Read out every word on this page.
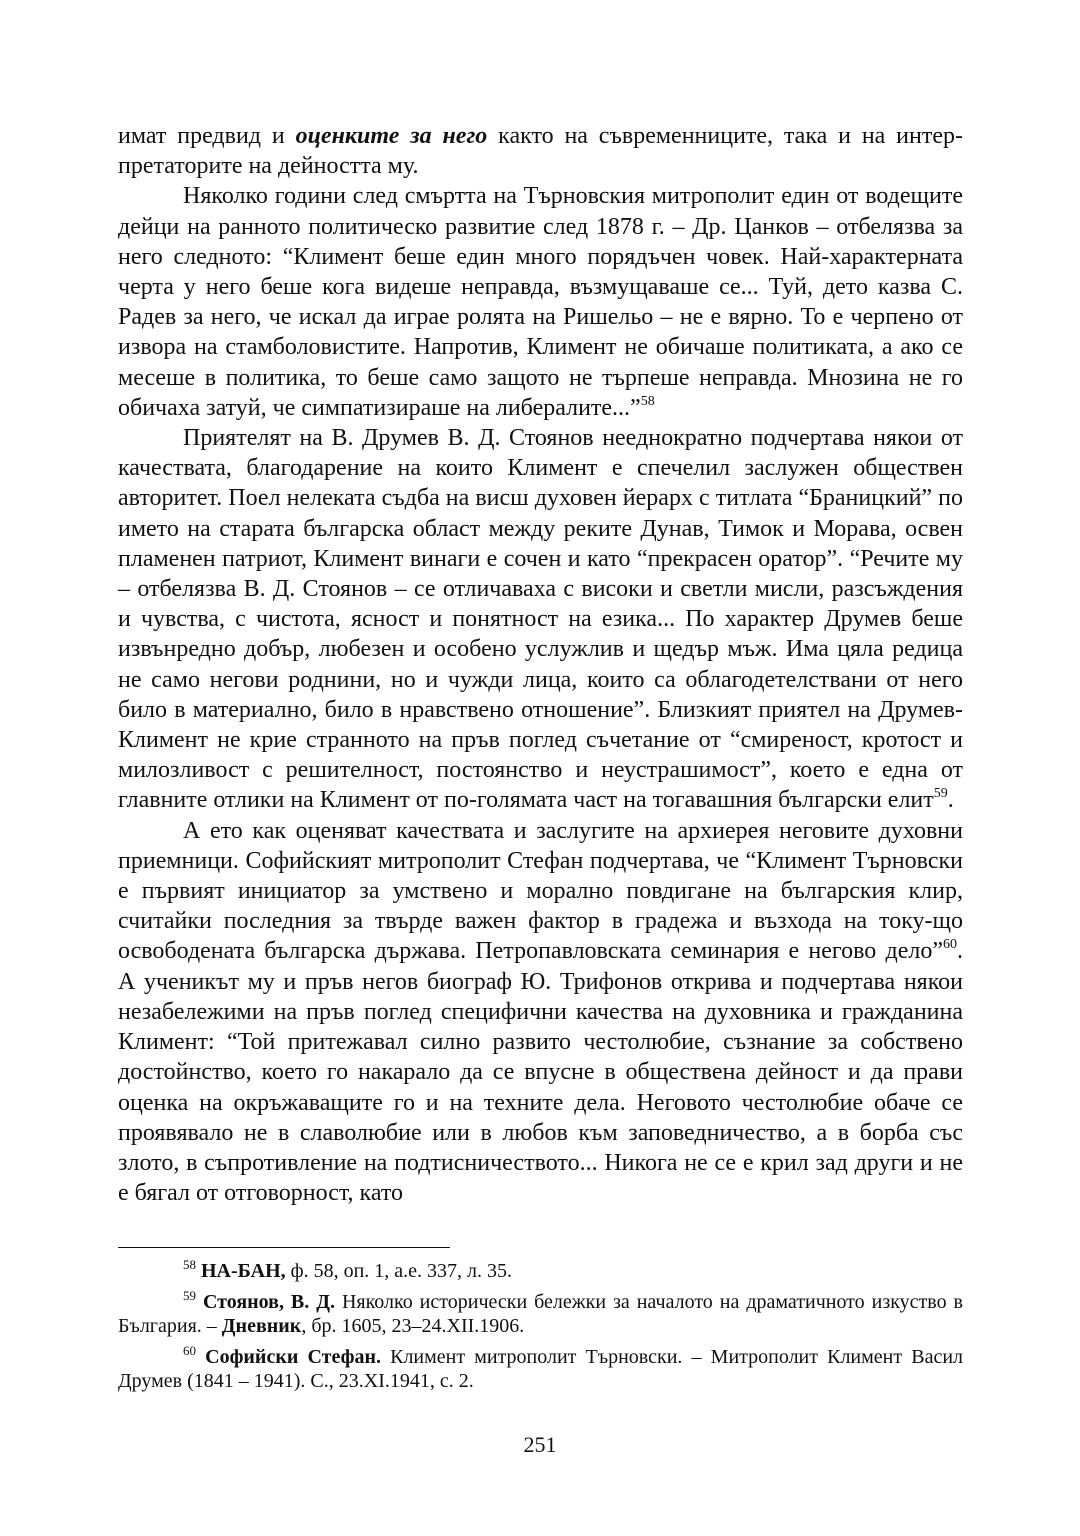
имат предвид и оценките за него както на съвременниците, така и на интерпретаторите на дейността му.

Няколко години след смъртта на Търновския митрополит един от водещите дейци на ранното политическо развитие след 1878 г. – Др. Цанков – отбелязва за него следното: “Климент беше един много порядъчен човек. Най-характерната черта у него беше кога видеше неправда, възмущаваше се... Туй, дето казва С. Радев за него, че искал да играе ролята на Ришельо – не е вярно. То е черпено от извора на стамболовистите. Напротив, Климент не обичаше политиката, а ако се месеше в политика, то беше само защото не търпеше неправда. Мнозина не го обичаха затуй, че симпатизираше на либералите...”$^{58}$

Приятелят на В. Друмев В. Д. Стоянов нееднократно подчертава някои от качествата, благодарение на които Климент е спечелил заслужен обществен авторитет. Поел нелеката съдба на висш духовен йерарх с титлата “Браницкий” по името на старата българска област между реките Дунав, Тимок и Морава, освен пламенен патриот, Климент винаги е сочен и като “прекрасен оратор”. “Речите му – отбелязва В. Д. Стоянов – се отличаваха с високи и светли мисли, разсъждения и чувства, с чистота, ясност и понятност на езика... По характер Друмев беше извънредно добър, любезен и особено услужлив и щедър мъж. Има цяла редица не само негови роднини, но и чужди лица, които са облагодетелствани от него било в материално, било в нравствено отношение”. Близкият приятел на Друмев-Климент не крие странното на пръв поглед съчетание от “смиреност, кротост и милозливост с решителност, постоянство и неустрашимост”, което е една от главните отлики на Климент от по-голямата част на тогавашния български елит$^{59}$.

А ето как оценяват качествата и заслугите на архиерея неговите духовни приемници. Софийският митрополит Стефан подчертава, че “Климент Търновски е първият инициатор за умствено и морално повдигане на българския клир, считайки последния за твърде важен фактор в градежа и възхода на току-що освободената българска държава. Петропавловската семинария е негово дело”$^{60}$. А ученикът му и пръв негов биограф Ю. Трифонов открива и подчертава някои незабележими на пръв поглед специфични качества на духовника и гражданина Климент: “Той притежавал силно развито честолюбие, съзнание за собствено достойнство, което го накарало да се впусне в обществена дейност и да прави оценка на окръжаващите го и на техните дела. Неговото честолюбие обаче се проявявало не в славолюбие или в любов към заповедничество, а в борба със злото, в съпротивление на подтисничеството... Никога не се е крил зад други и не е бягал от отговорност, като

$^{58}$ НА-БАН, ф. 58, оп. 1, а.е. 337, л. 35.

$^{59}$ Стоянов, В. Д. Няколко исторически бележки за началото на драматичното изкуство в България. – Дневник, бр. 1605, 23–24.XII.1906.

$^{60}$ Софийски Стефан. Климент митрополит Търновски. – Митрополит Климент Васил Друмев (1841 – 1941). С., 23.XI.1941, с. 2.

251
